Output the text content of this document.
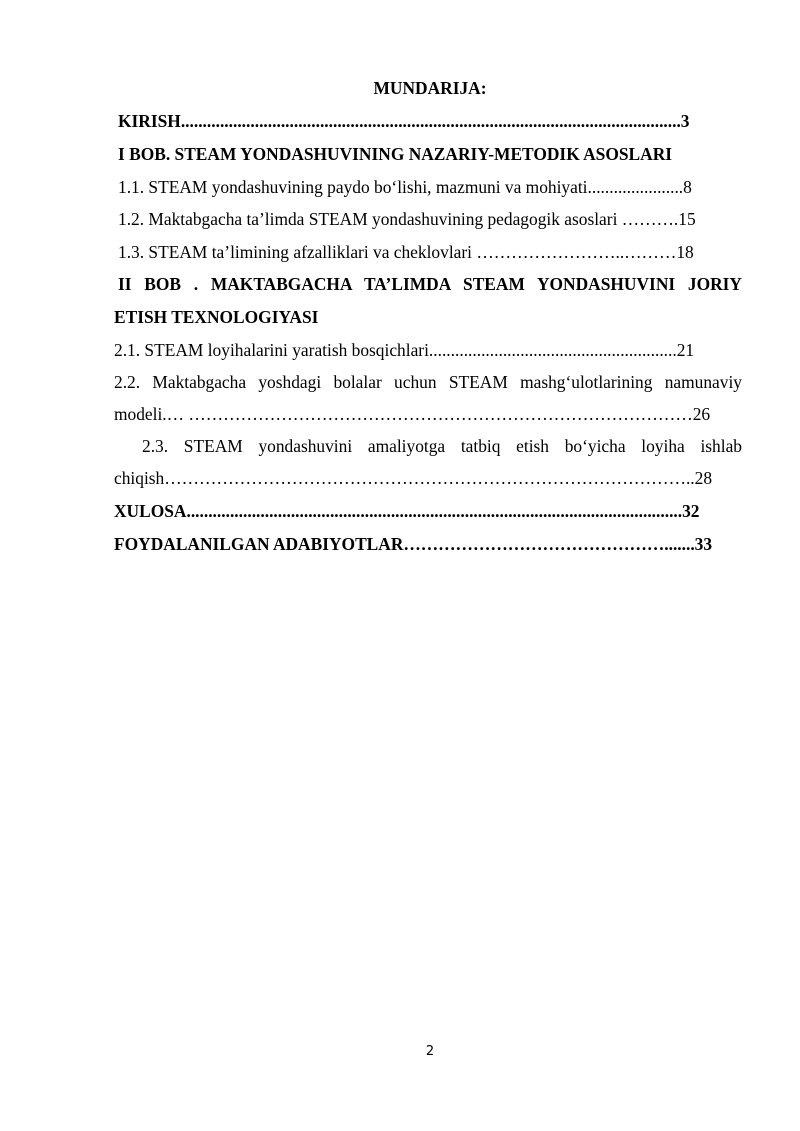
MUNDARIJA:
KIRISH...................................................................................................................3
I BOB. STEAM YONDASHUVINING NAZARIY-METODIK ASOSLARI
1.1. STEAM yondashuvining paydo bo‘lishi, mazmuni va mohiyati......................8
1.2. Maktabgacha ta’limda STEAM yondashuvining pedagogik asoslari ……….15
1.3. STEAM ta’limining afzalliklari va cheklovlari ……………………..………18
II BOB . MAKTABGACHA TA’LIMDA STEAM YONDASHUVINI JORIY
ETISH TEXNOLOGIYASI
2.1. STEAM loyihalarini yaratish bosqichlari.........................................................21
2.2. Maktabgacha yoshdagi bolalar uchun STEAM mashg‘ulotlarining namunaviy
modeli.… ……………………………………………………………………………26
2.3. STEAM yondashuvini amaliyotga tatbiq etish bo‘yicha loyiha ishlab
chiqish………………………………………………………………………………..28
XULOSA..................................................................................................................32
FOYDALANILGAN ADABIYOTLAR……………………………………….......33
2
